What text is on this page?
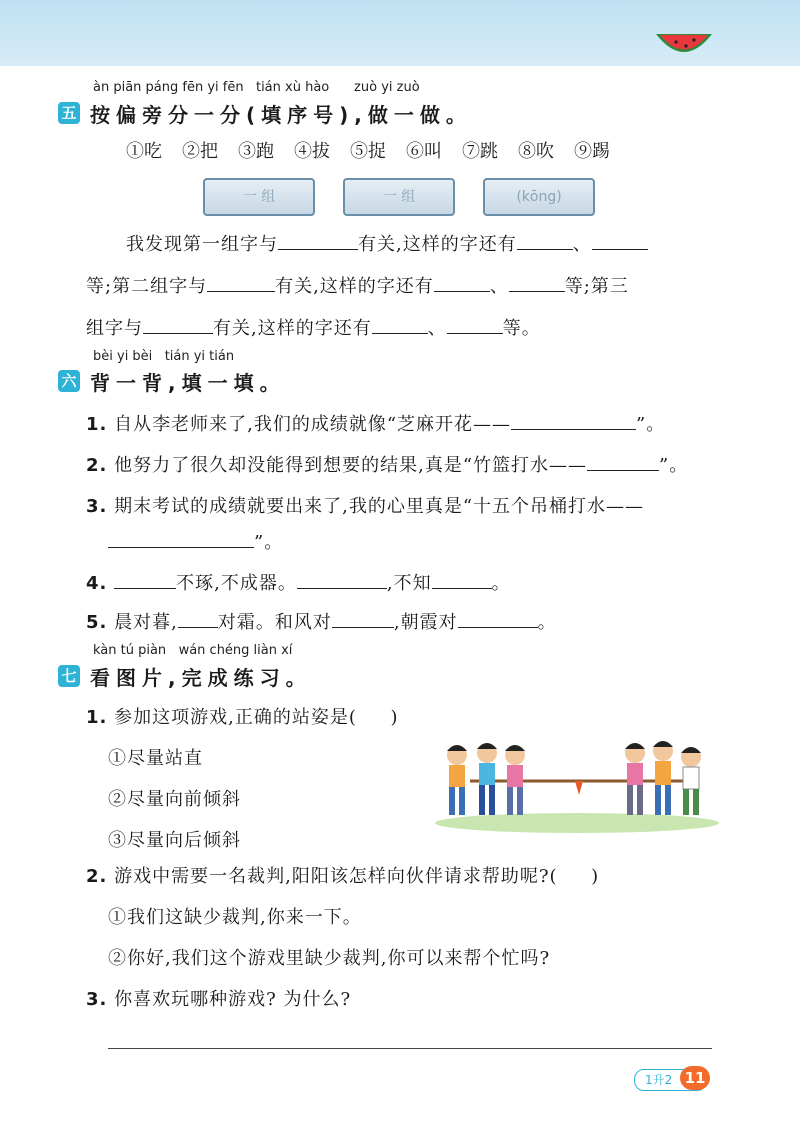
àn piān páng fēn yi fēn   tián xù hào      zuò yi zuò
五 按偏旁分一分(填序号),做一做。
①吃 ②把 ③跑 ④拔 ⑤捉 ⑥叫 ⑦跳 ⑧吹 ⑨踢
一 组	一 组	(kōng)
我发现第一组字与	有关,这样的字还有	、
等;第二组字与	有关,这样的字还有	、	等;第三
组字与	有关,这样的字还有	、	等。
bèi yi bèi   tián yi tián
六 背一背,填一填。
1. 自从李老师来了,我们的成绩就像“芝麻开花——	”。
2. 他努力了很久却没能得到想要的结果,真是“竹篮打水——	”。
3. 期末考试的成绩就要出来了,我的心里真是“十五个吊桶打水——
”。
4.	不琢,不成器。	,不知	。
5. 晨对暮, 对霜。和风对	,朝霞对	。
kàn tú piàn   wán chéng liàn xí
七 看图片,完成练习。
1. 参加这项游戏,正确的站姿是(     )
①尽量站直
②尽量向前倾斜
③尽量向后倾斜
2. 游戏中需要一名裁判,阳阳该怎样向伙伴请求帮助呢?(     )
①我们这缺少裁判,你来一下。
②你好,我们这个游戏里缺少裁判,你可以来帮个忙吗?
3. 你喜欢玩哪种游戏? 为什么?
1升2 11
